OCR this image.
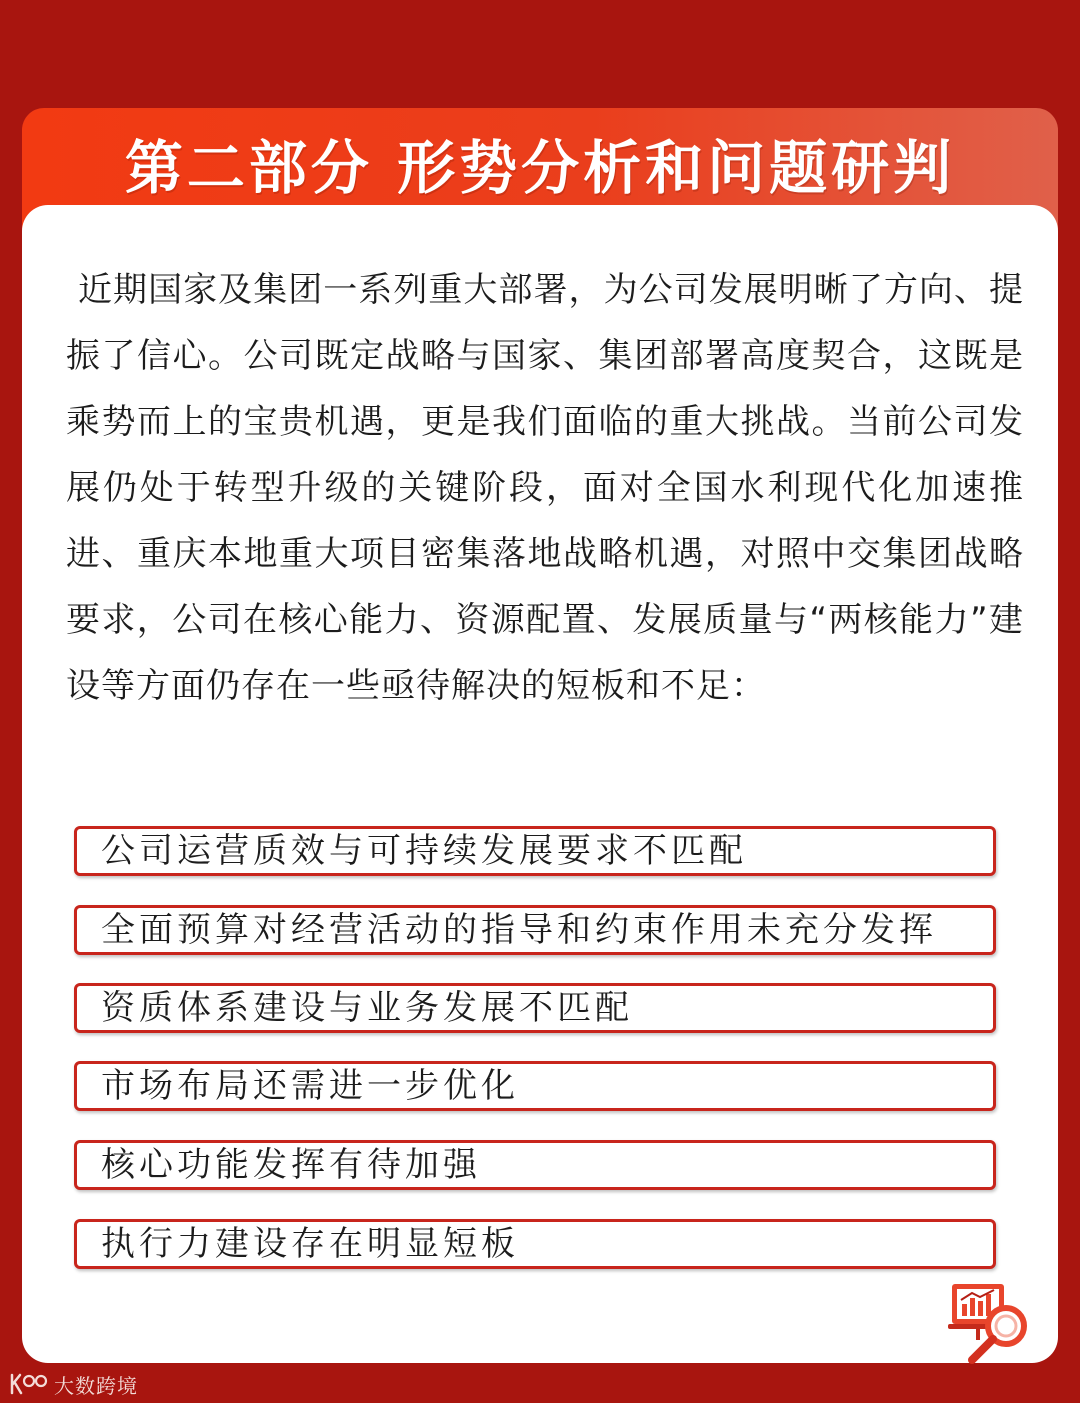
第二部分 形势分析和问题研判
近期国家及集团一系列重大部署，为公司发展明晰了方向、提振了信心。公司既定战略与国家、集团部署高度契合，这既是乘势而上的宝贵机遇，更是我们面临的重大挑战。当前公司发展仍处于转型升级的关键阶段，面对全国水利现代化加速推进、重庆本地重大项目密集落地战略机遇，对照中交集团战略要求，公司在核心能力、资源配置、发展质量与“两核能力”建设等方面仍存在一些亟待解决的短板和不足：
公司运营质效与可持续发展要求不匹配
全面预算对经营活动的指导和约束作用未充分发挥
资质体系建设与业务发展不匹配
市场布局还需进一步优化
核心功能发挥有待加强
执行力建设存在明显短板
大数跨境
